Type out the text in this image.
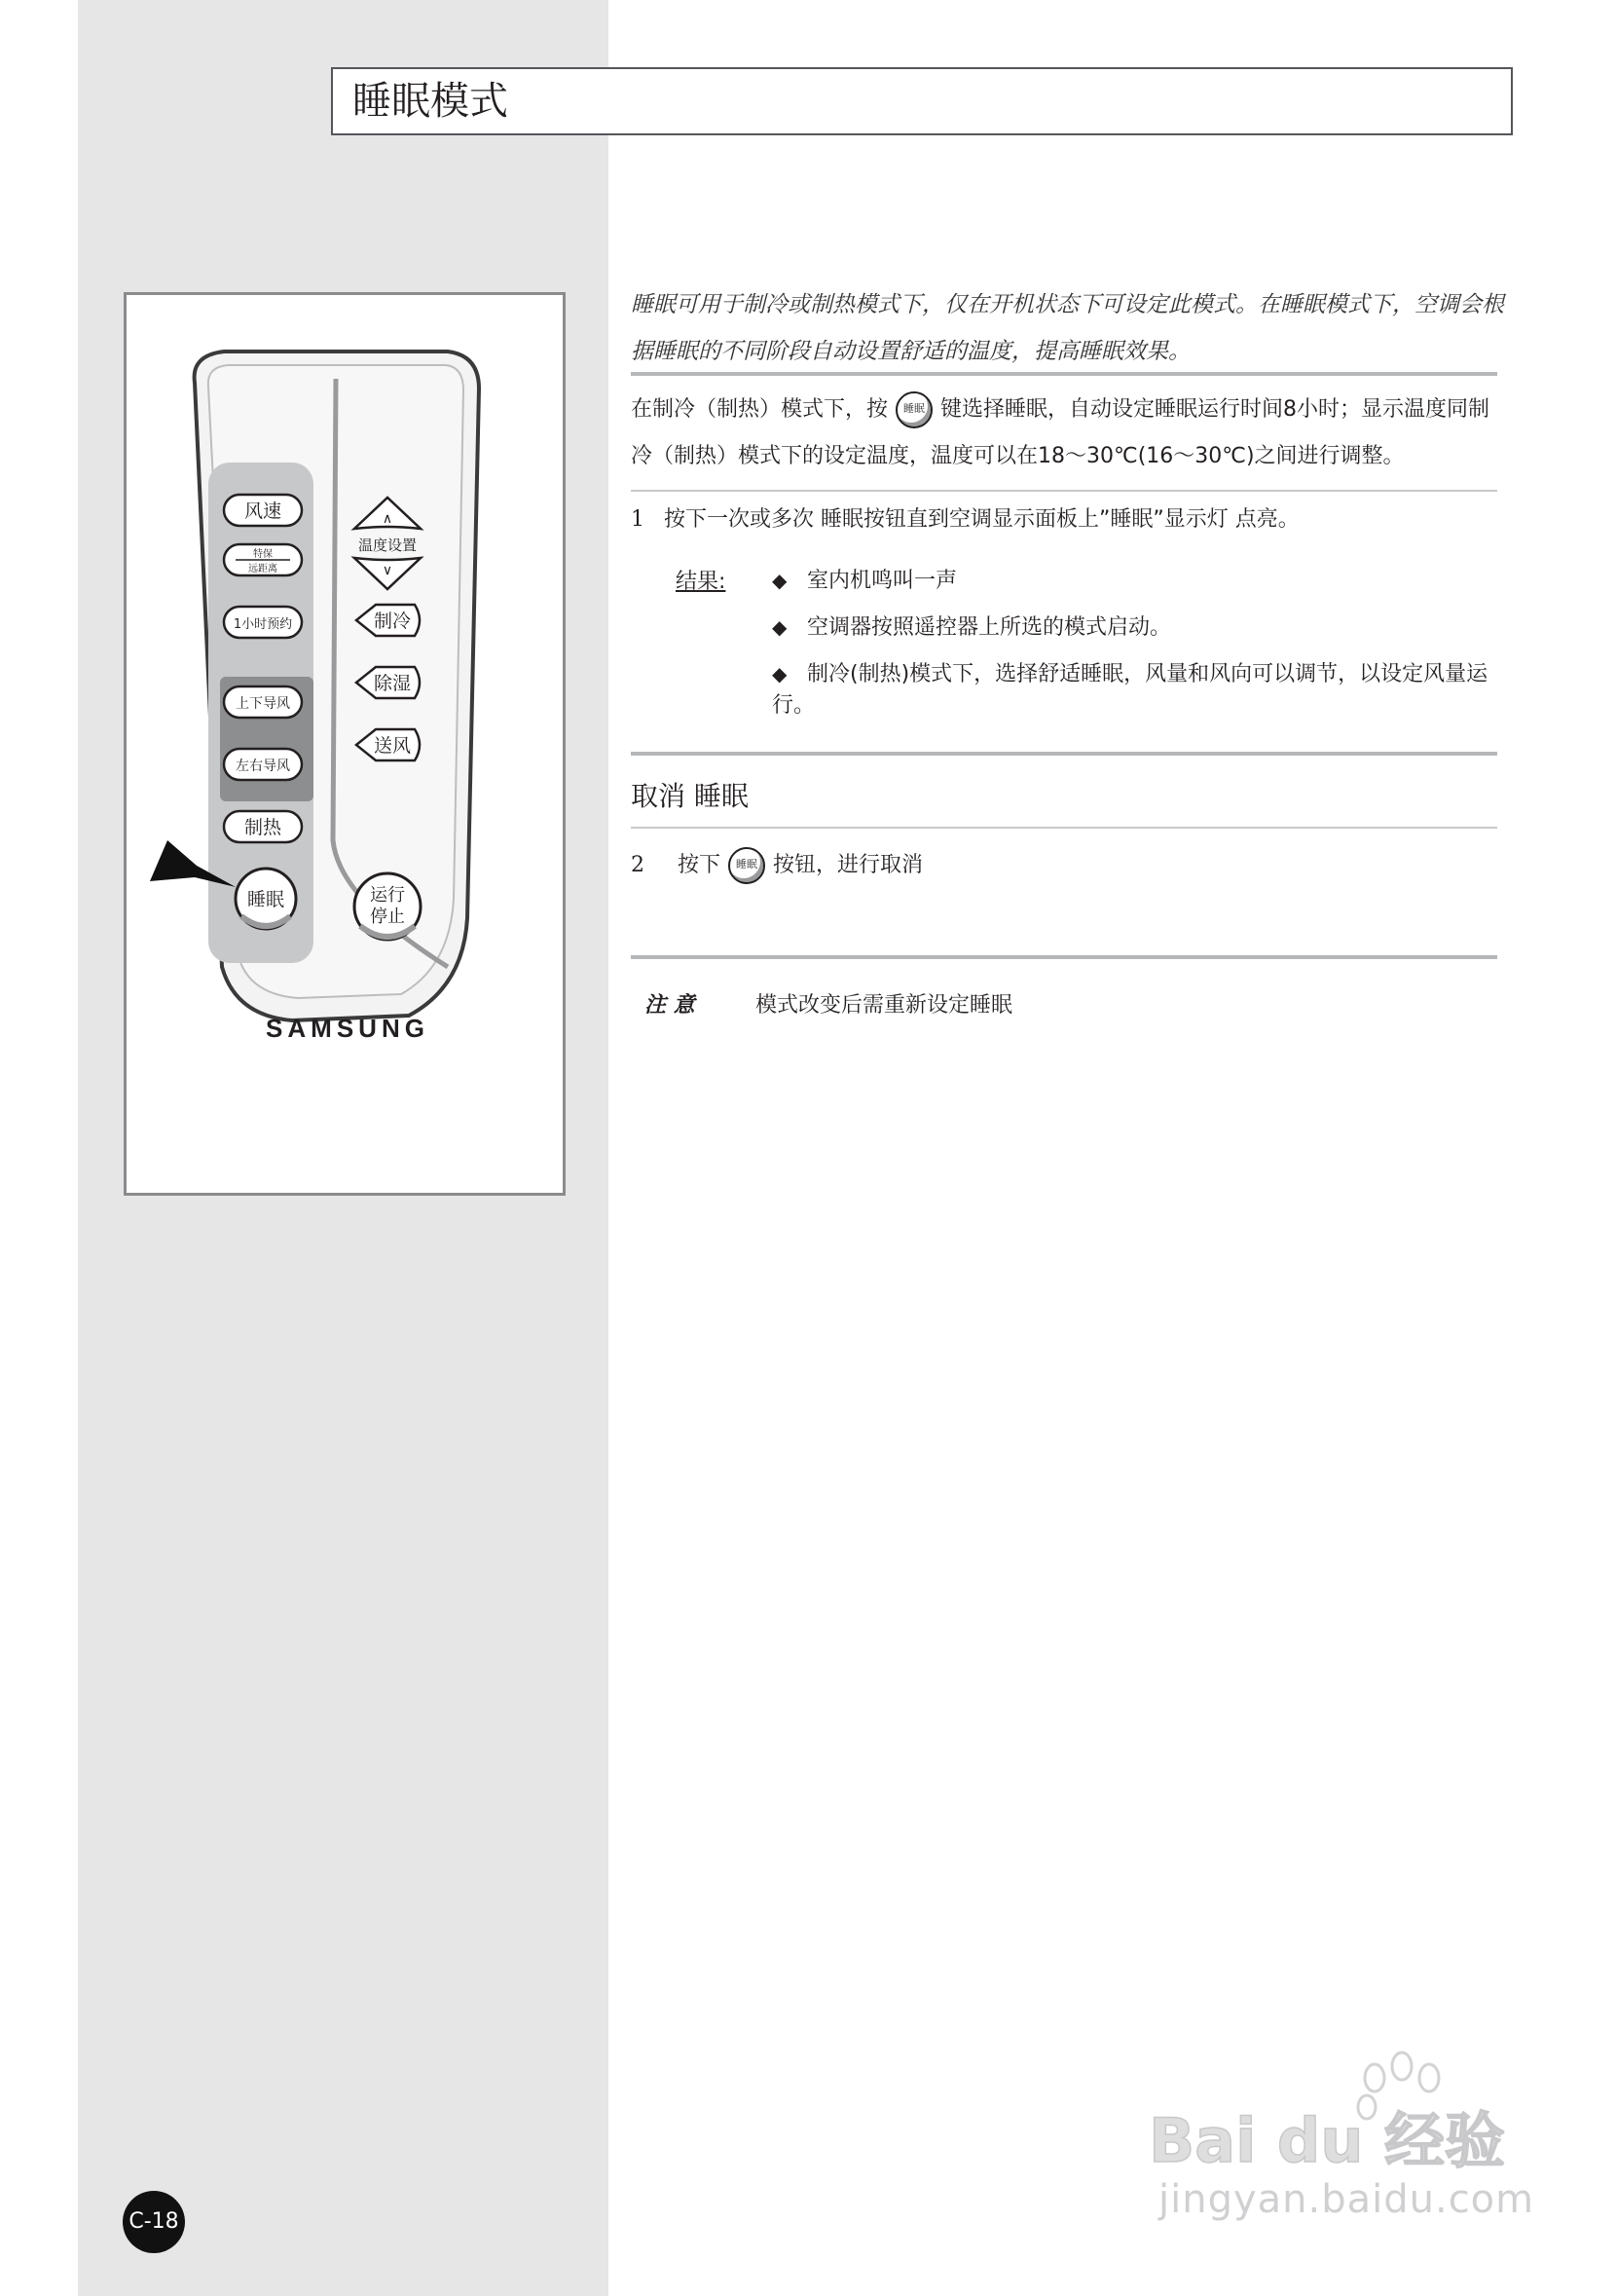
睡眠模式
风速
特保
远距离
1小时预约
上下导风
左右导风
制热
睡眠
∧
温度设置
∨
制冷
除湿
送风
运行
停止
SAMSUNG
睡眠可用于制冷或制热模式下，仅在开机状态下可设定此模式。在睡眠模式下，空调会根据睡眠的不同阶段自动设置舒适的温度，提高睡眠效果。
在制冷（制热）模式下，按 睡眠 键选择睡眠，自动设定睡眠运行时间8小时；显示温度同制冷（制热）模式下的设定温度，温度可以在18～30℃(16～30℃)之间进行调整。
1 按下一次或多次 睡眠按钮直到空调显示面板上”睡眠”显示灯 点亮。
结果: ◆ 室内机鸣叫一声
◆ 空调器按照遥控器上所选的模式启动。
◆ 制冷(制热)模式下，选择舒适睡眠，风量和风向可以调节，以设定风量运行。
取消 睡眠
2 按下 睡眠 按钮，进行取消
注 意	模式改变后需重新设定睡眠
C-18
Bai du 经验
jingyan.baidu.com
